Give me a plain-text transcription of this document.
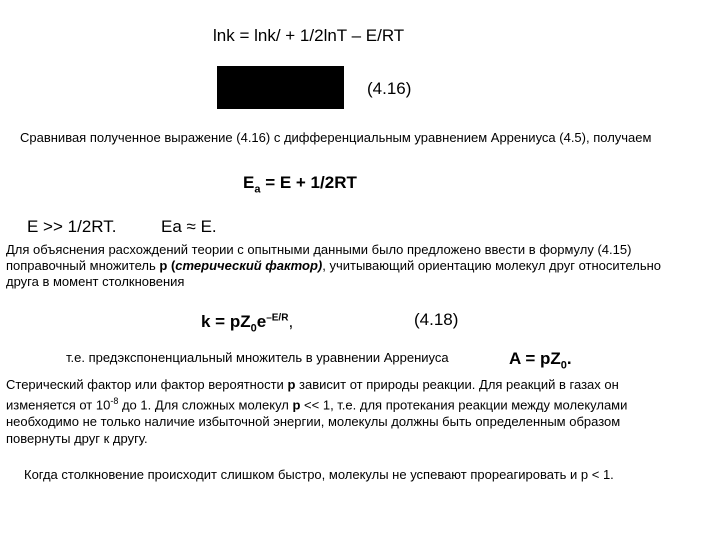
lnk = lnk/ + 1/2lnT – E/RT
(4.16)
Сравнивая полученное выражение (4.16) с дифференциальным уравнением Аррениуса (4.5), получаем
$E_a = E + 1/2RT$
E >> 1/2RT.	Ea ≈ E.
Для объяснения расхождений теории с опытными данными было предложено ввести в формулу (4.15)
поправочный множитель р (стерический фактор), учитывающий ориентацию молекул друг относительно
друга в момент столкновения
$k = pZ_0e^{-E/R}$,	(4.18)
т.е. предэкспоненциальный множитель в уравнении Аррениуса	$A = pZ_0$.
Стерический фактор или фактор вероятности р зависит от природы реакции. Для реакций в газах он
изменяется от $10^{-8}$ до 1. Для сложных молекул р << 1, т.е. для протекания реакции между молекулами
необходимо не только наличие избыточной энергии, молекулы должны быть определенным образом
повернуты друг к другу.
Когда столкновение происходит слишком быстро, молекулы не успевают прореагировать и р < 1.
